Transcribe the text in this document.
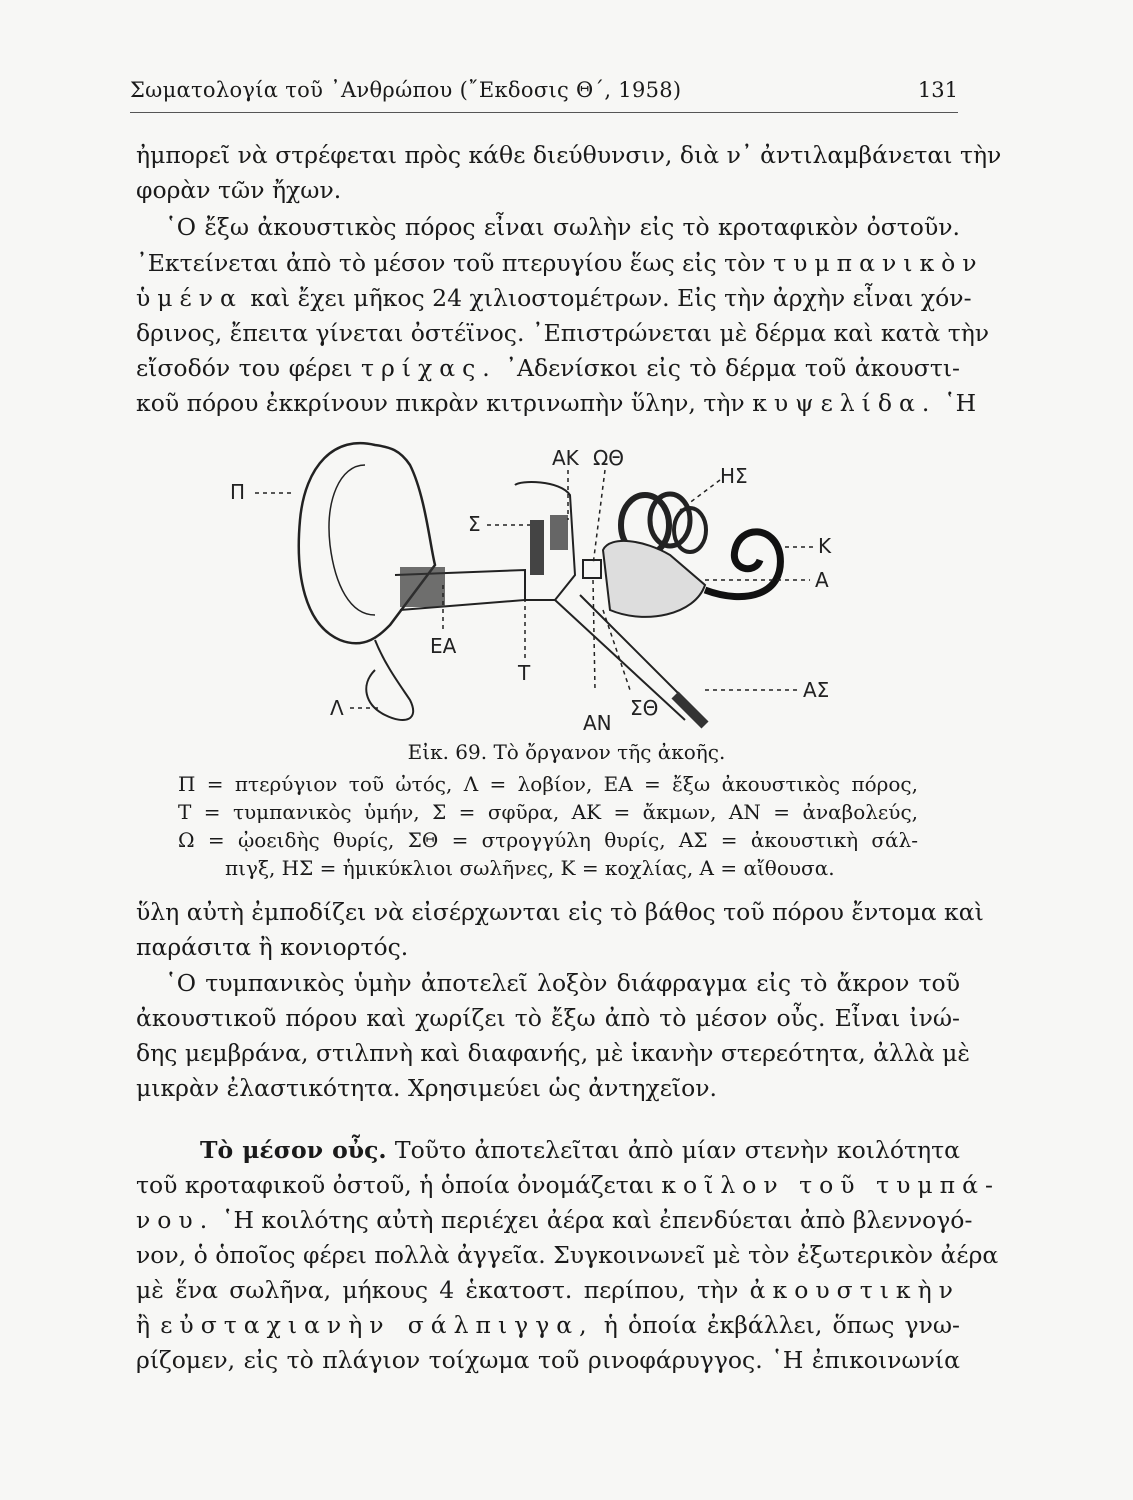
Σωματολογία τοῦ ᾿Ανθρώπου (῎Εκδοσις Θ΄, 1958)	131
ἠμπορεῖ νὰ στρέφεται πρὸς κάθε διεύθυνσιν, διὰ ν᾿ ἀντιλαμβάνεται τὴν
φορὰν τῶν ἤχων.
῾Ο ἔξω ἀκουστικὸς πόρος εἶναι σωλὴν εἰς τὸ κροταφικὸν ὀστοῦν.
᾿Εκτείνεται ἀπὸ τὸ μέσον τοῦ πτερυγίου ἕως εἰς τὸν τυμπανικὸν
ὑμένα καὶ ἔχει μῆκος 24 χιλιοστομέτρων. Εἰς τὴν ἀρχὴν εἶναι χόν-
δρινος, ἔπειτα γίνεται ὀστέϊνος. ᾿Επιστρώνεται μὲ δέρμα καὶ κατὰ τὴν
εἴσοδόν του φέρει τρίχας. ᾿Αδενίσκοι εἰς τὸ δέρμα τοῦ ἀκουστι-
κοῦ πόρου ἐκκρίνουν πικρὰν κιτρινωπὴν ὕλην, τὴν κυψελίδα. ῾Η
Π
ΑΚ ΩΘ
ΗΣ
Σ
Κ
Α
ΕΑ
Τ
Λ
ΑΝ
ΣΘ
ΑΣ
Εἰκ. 69. Τὸ ὄργανον τῆς ἀκοῆς.
Π = πτερύγιον τοῦ ὠτός, Λ = λοβίον, ΕΑ = ἔξω ἀκουστικὸς πόρος,
Τ = τυμπανικὸς ὑμήν, Σ = σφῦρα, ΑΚ = ἄκμων, ΑΝ = ἀναβολεύς,
Ω = ᾠοειδὴς θυρίς, ΣΘ = στρογγύλη θυρίς, ΑΣ = ἀκουστικὴ σάλ-
πιγξ, ΗΣ = ἡμικύκλιοι σωλῆνες, Κ = κοχλίας, Α = αἴθουσα.
ὕλη αὐτὴ ἐμποδίζει νὰ εἰσέρχωνται εἰς τὸ βάθος τοῦ πόρου ἔντομα καὶ
παράσιτα ἢ κονιορτός.
῾Ο τυμπανικὸς ὑμὴν ἀποτελεῖ λοξὸν διάφραγμα εἰς τὸ ἄκρον τοῦ
ἀκουστικοῦ πόρου καὶ χωρίζει τὸ ἔξω ἀπὸ τὸ μέσον οὖς. Εἶναι ἰνώ-
δης μεμβράνα, στιλπνὴ καὶ διαφανής, μὲ ἱκανὴν στερεότητα, ἀλλὰ μὲ
μικρὰν ἐλαστικότητα. Χρησιμεύει ὡς ἀντηχεῖον.
Τὸ μέσον οὖς. Τοῦτο ἀποτελεῖται ἀπὸ μίαν στενὴν κοιλότητα
τοῦ κροταφικοῦ ὀστοῦ, ἡ ὁποία ὀνομάζεται κοῖλον τοῦ τυμπά-
νου. ῾Η κοιλότης αὐτὴ περιέχει ἀέρα καὶ ἐπενδύεται ἀπὸ βλεννογό-
νον, ὁ ὁποῖος φέρει πολλὰ ἀγγεῖα. Συγκοινωνεῖ μὲ τὸν ἐξωτερικὸν ἀέρα
μὲ ἕνα σωλῆνα, μήκους 4 ἑκατοστ. περίπου, τὴν ἀκουστικὴν
ἢ εὐσταχιανὴν σάλπιγγα, ἡ ὁποία ἐκβάλλει, ὅπως γνω-
ρίζομεν, εἰς τὸ πλάγιον τοίχωμα τοῦ ρινοφάρυγγος. ῾Η ἐπικοινωνία
